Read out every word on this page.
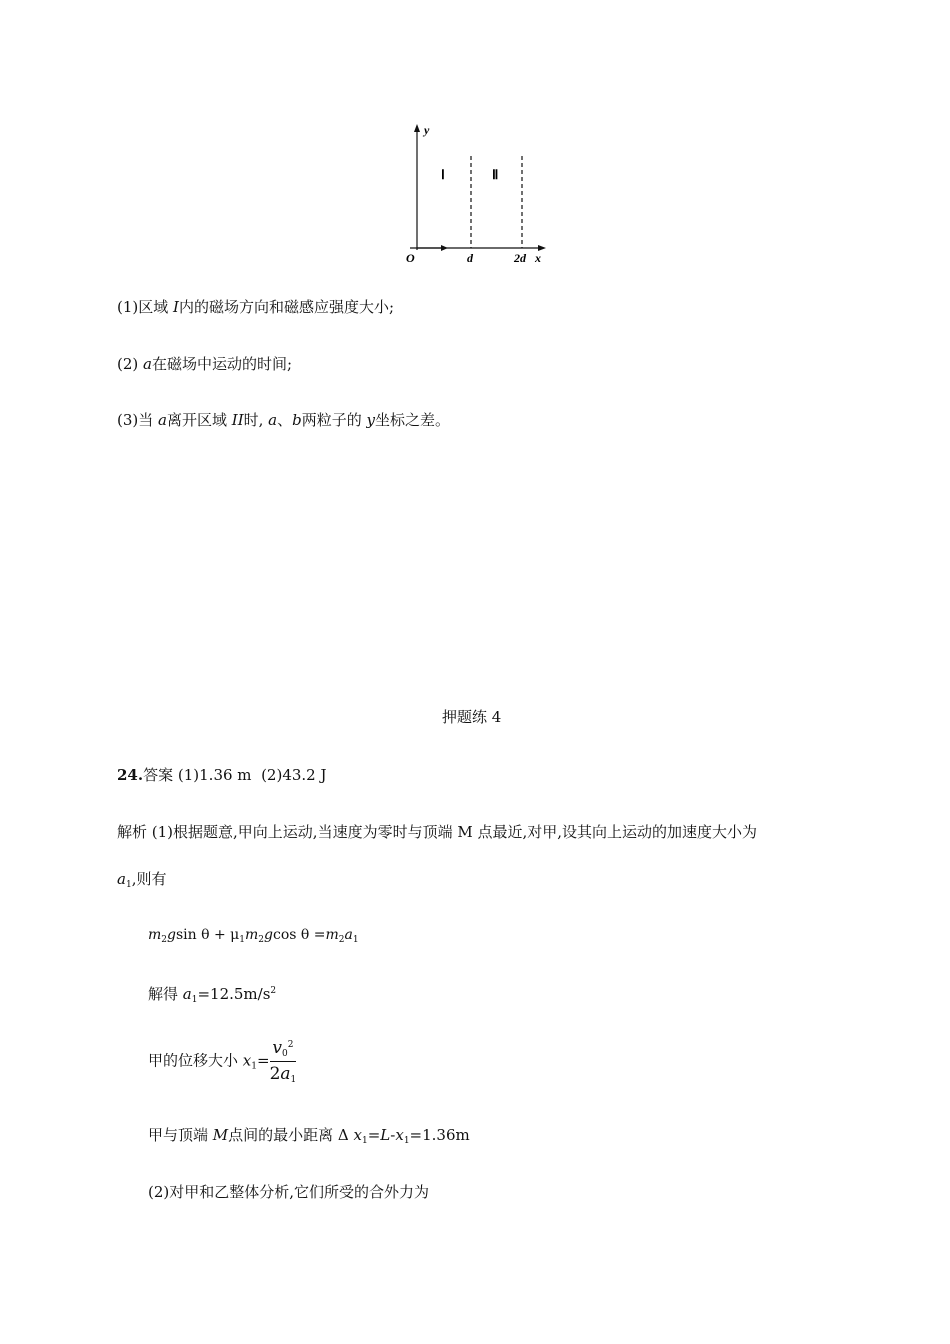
y
x
O	d	2d
Ⅰ	Ⅱ
(1)区域 I内的磁场方向和磁感应强度大小;
(2) a在磁场中运动的时间;
(3)当 a离开区域 II时, a、b两粒子的 y坐标之差。
押题练 4
24.答案 (1)1.36 m  (2)43.2 J
解析 (1)根据题意,甲向上运动,当速度为零时与顶端 M 点最近,对甲,设其向上运动的加速度大小为
$a_1$,则有
$m_2gsin$ $\theta + \mu_1m_2gcos$ $\theta =m_2a_1$
解得 $a_1=12.5m/s^2$
甲的位移大小 $x_1= \frac{v_0^2}{2a_1}$
甲与顶端 M点间的最小距离 Δ $x_1=L-x_1=1.36m$
(2)对甲和乙整体分析,它们所受的合外力为
